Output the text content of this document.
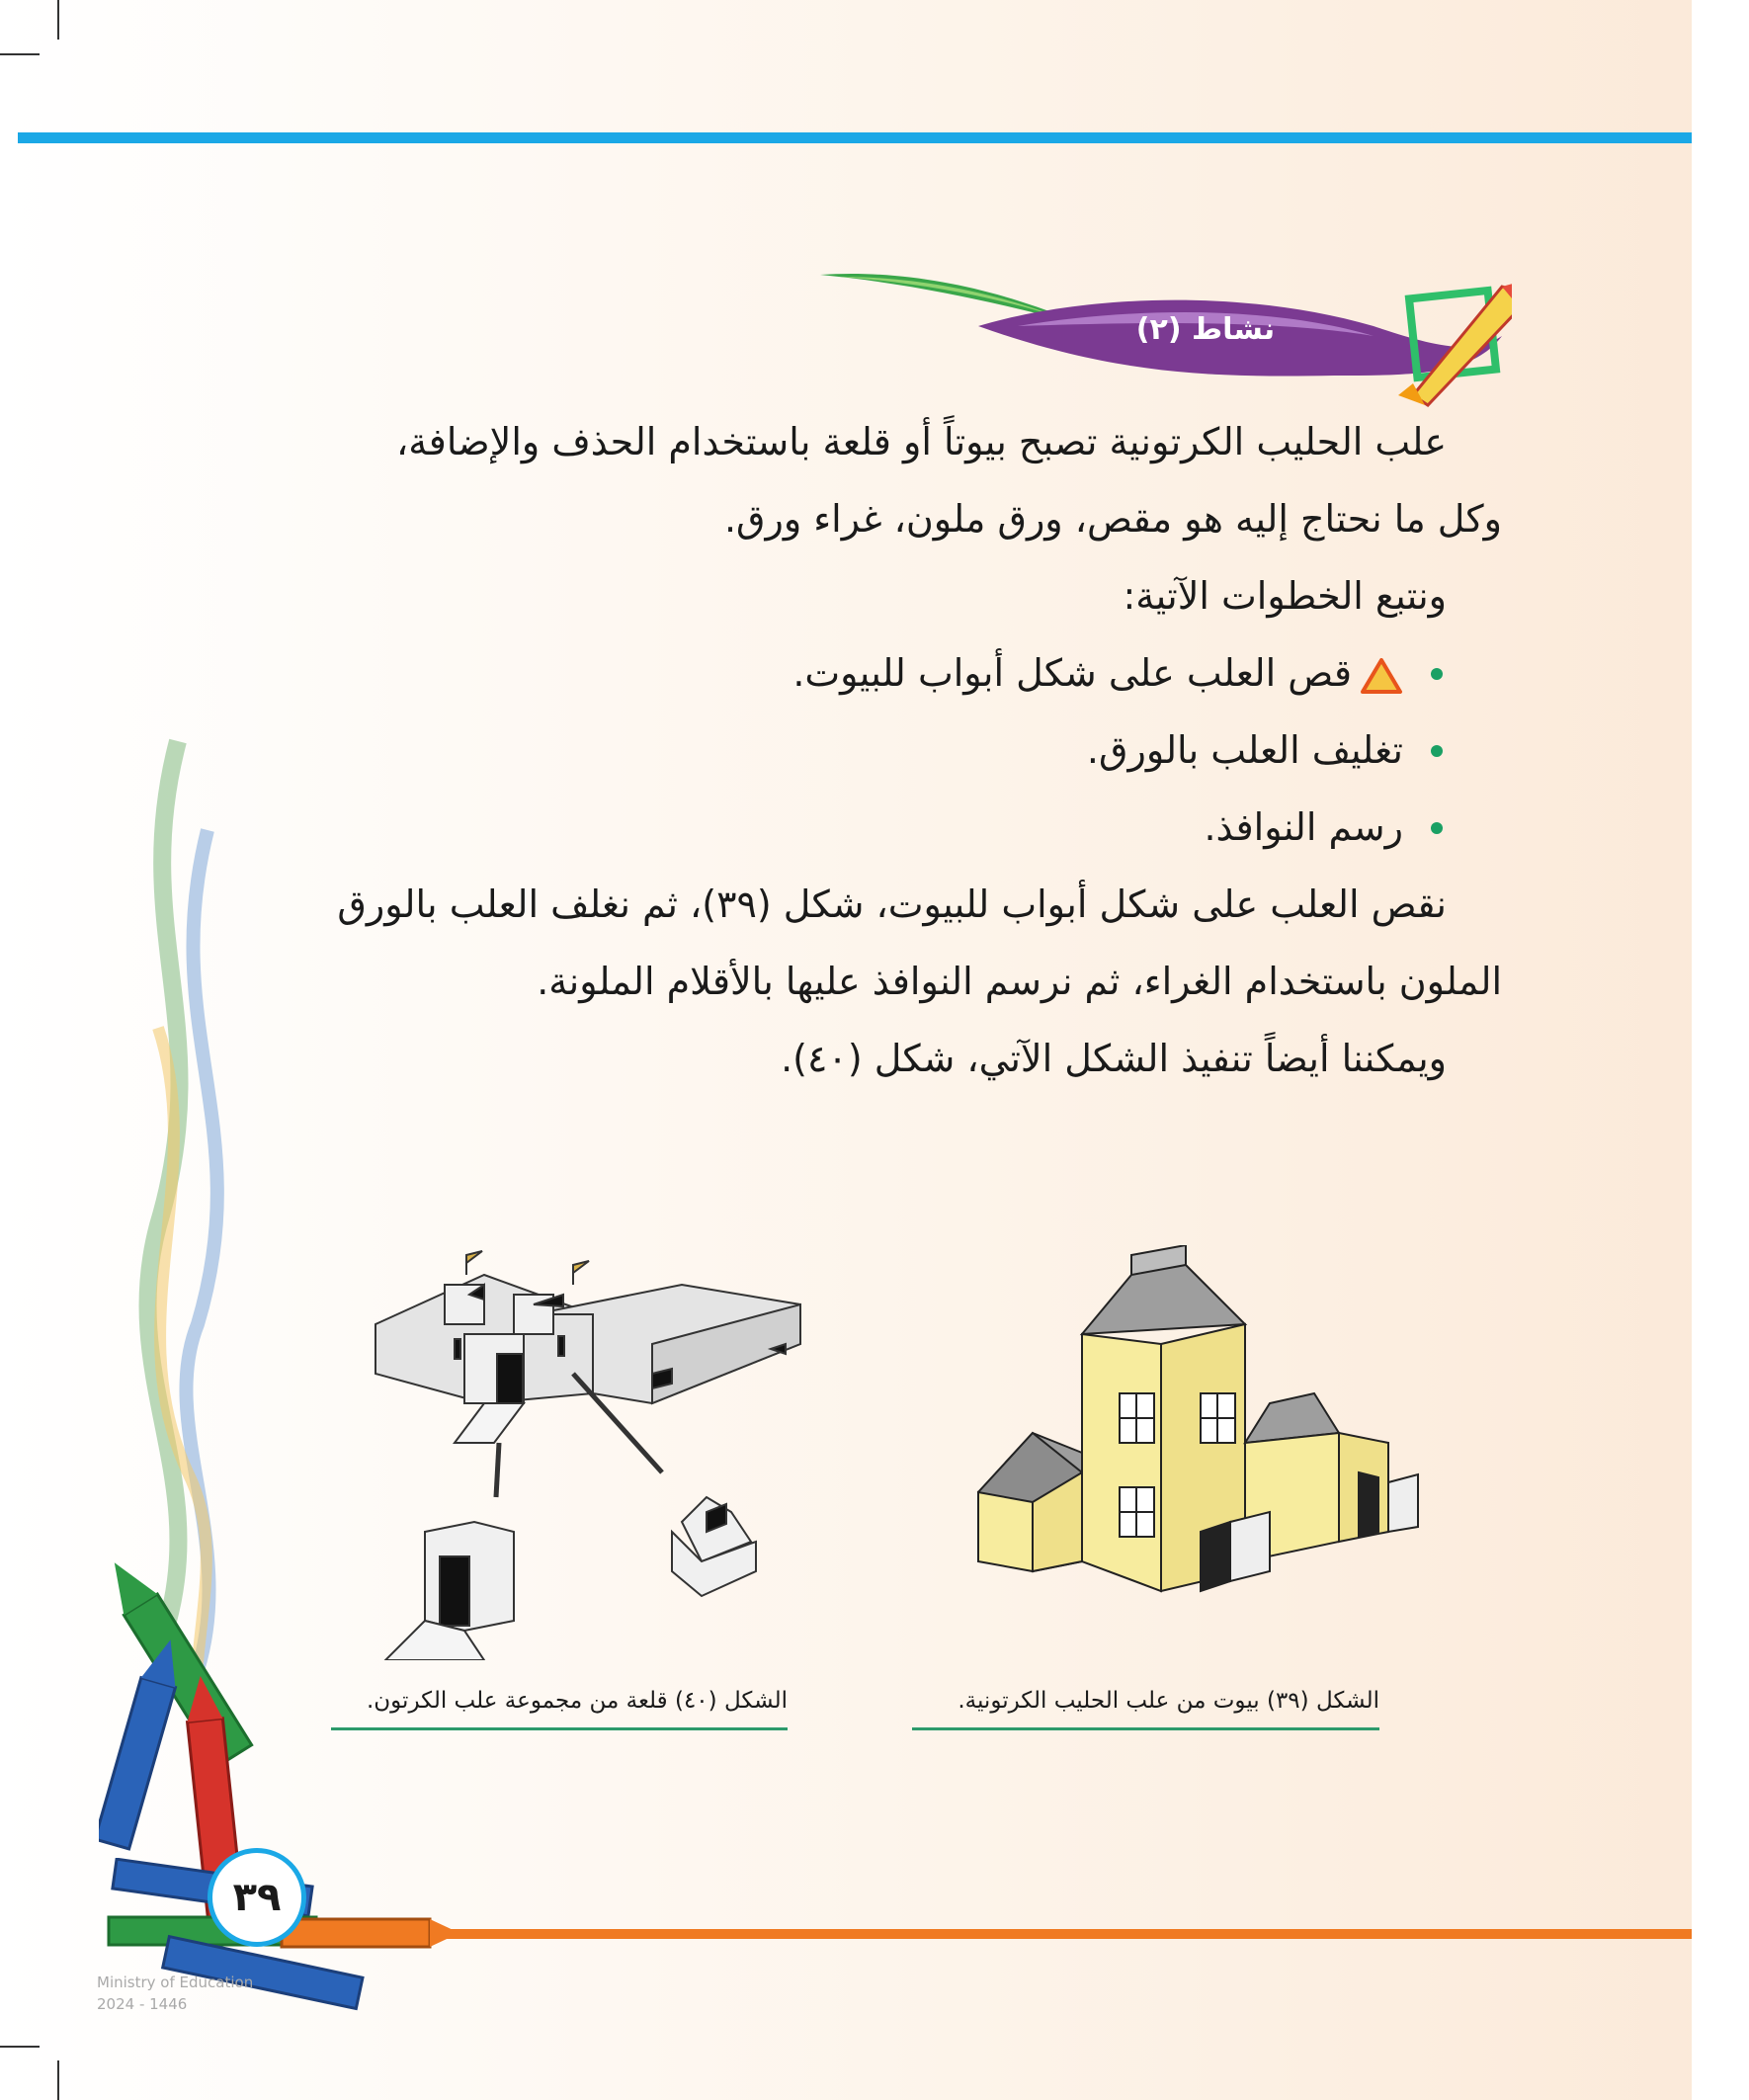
نشاط (٢)

علب الحليب الكرتونية تصبح بيوتاً أو قلعة باستخدام الحذف والإضافة،

وكل ما نحتاج إليه هو مقص، ورق ملون، غراء ورق.

ونتبع الخطوات الآتية:

قص العلب على شكل أبواب للبيوت.
تغليف العلب بالورق.
رسم النوافذ.

نقص العلب على شكل أبواب للبيوت، شكل (٣٩)، ثم نغلف العلب بالورق

الملون باستخدام الغراء، ثم نرسم النوافذ عليها بالأقلام الملونة.

ويمكننا أيضاً تنفيذ الشكل الآتي، شكل (٤٠).

الشكل (٣٩) بيوت من علب الحليب الكرتونية.
الشكل (٤٠) قلعة من مجموعة علب الكرتون.
٣٩
Ministry of Education
2024 - 1446
